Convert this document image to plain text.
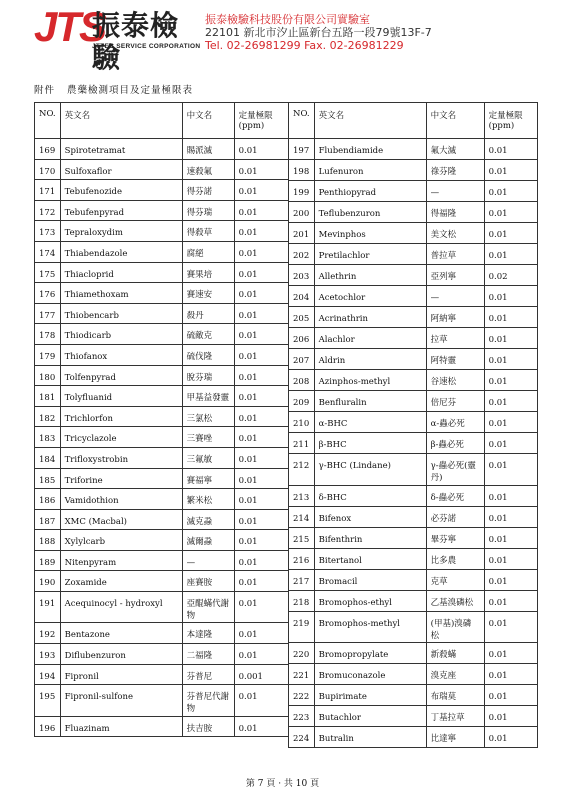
JTS
振泰檢驗
JTTEC SERVICE CORPORATION
振泰檢驗科技股份有限公司實驗室
22101 新北市汐止區新台五路一段79號13F-7
Tel. 02-26981299 Fax. 02-26981229
附件 農藥檢測項目及定量極限表
NO.	英文名	中文名	定量極限 (ppm)
169	Spirotetramat	賜派滅	0.01
170	Sulfoxaflor	速殺氟	0.01
171	Tebufenozide	得芬諾	0.01
172	Tebufenpyrad	得芬瑞	0.01
173	Tepraloxydim	得殺草	0.01
174	Thiabendazole	腐絕	0.01
175	Thiacloprid	賽果培	0.01
176	Thiamethoxam	賽速安	0.01
177	Thiobencarb	殺丹	0.01
178	Thiodicarb	硫敵克	0.01
179	Thiofanox	硫伐隆	0.01
180	Tolfenpyrad	脫芬瑞	0.01
181	Tolyfluanid	甲基益發靈	0.01
182	Trichlorfon	三氯松	0.01
183	Tricyclazole	三賽唑	0.01
184	Trifloxystrobin	三氟敏	0.01
185	Triforine	賽福寧	0.01
186	Vamidothion	繁米松	0.01
187	XMC (Macbal)	滅克蝨	0.01
188	Xylylcarb	滅爾蝨	0.01
189	Nitenpyram	—	0.01
190	Zoxamide	座賽胺	0.01
191	Acequinocyl - hydroxyl	亞醌蟎代謝物	0.01
192	Bentazone	本達隆	0.01
193	Diflubenzuron	二福隆	0.01
194	Fipronil	芬普尼	0.001
195	Fipronil-sulfone	芬普尼代謝物	0.01
196	Fluazinam	扶吉胺	0.01
NO.	英文名	中文名	定量極限 (ppm)
197	Flubendiamide	氟大滅	0.01
198	Lufenuron	祿芬隆	0.01
199	Penthiopyrad	—	0.01
200	Teflubenzuron	得福隆	0.01
201	Mevinphos	美文松	0.01
202	Pretilachlor	普拉草	0.01
203	Allethrin	亞列寧	0.02
204	Acetochlor	—	0.01
205	Acrinathrin	阿納寧	0.01
206	Alachlor	拉草	0.01
207	Aldrin	阿特靈	0.01
208	Azinphos-methyl	谷速松	0.01
209	Benfluralin	倍尼芬	0.01
210	α-BHC	α-蟲必死	0.01
211	β-BHC	β-蟲必死	0.01
212	γ-BHC (Lindane)	γ-蟲必死(靈丹)	0.01
213	δ-BHC	δ-蟲必死	0.01
214	Bifenox	必芬諾	0.01
215	Bifenthrin	畢芬寧	0.01
216	Bitertanol	比多農	0.01
217	Bromacil	克草	0.01
218	Bromophos-ethyl	乙基溴磷松	0.01
219	Bromophos-methyl	(甲基)溴磷松	0.01
220	Bromopropylate	新殺蟎	0.01
221	Bromuconazole	溴克座	0.01
222	Bupirimate	布瑞莫	0.01
223	Butachlor	丁基拉草	0.01
224	Butralin	比達寧	0.01
第 7 頁 · 共 10 頁
